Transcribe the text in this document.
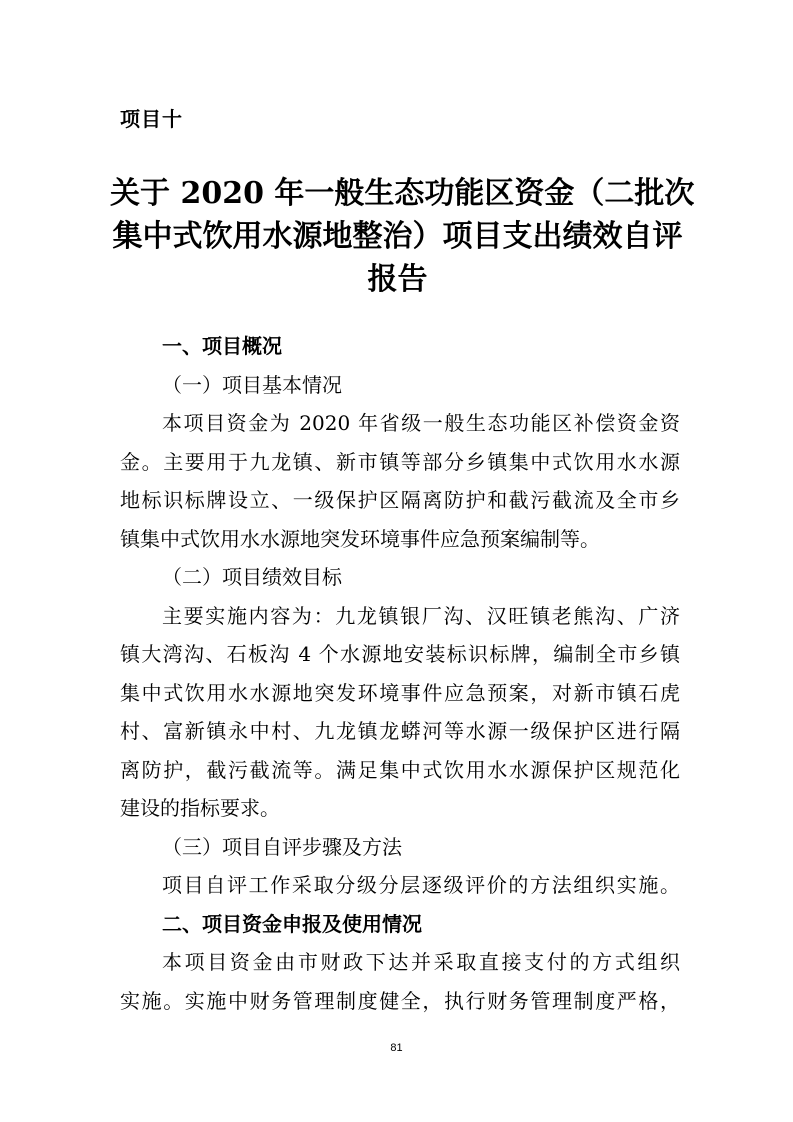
项目十
关于 2020 年一般生态功能区资金（二批次
集中式饮用水源地整治）项目支出绩效自评
报告
一、项目概况
（一）项目基本情况
本项目资金为 2020 年省级一般生态功能区补偿资金资
金。主要用于九龙镇、新市镇等部分乡镇集中式饮用水水源
地标识标牌设立、一级保护区隔离防护和截污截流及全市乡
镇集中式饮用水水源地突发环境事件应急预案编制等。
（二）项目绩效目标
主要实施内容为：九龙镇银厂沟、汉旺镇老熊沟、广济
镇大湾沟、石板沟 4 个水源地安装标识标牌，编制全市乡镇
集中式饮用水水源地突发环境事件应急预案，对新市镇石虎
村、富新镇永中村、九龙镇龙蟒河等水源一级保护区进行隔
离防护，截污截流等。满足集中式饮用水水源保护区规范化
建设的指标要求。
（三）项目自评步骤及方法
项目自评工作采取分级分层逐级评价的方法组织实施。
二、项目资金申报及使用情况
本项目资金由市财政下达并采取直接支付的方式组织
实施。实施中财务管理制度健全，执行财务管理制度严格，
81
